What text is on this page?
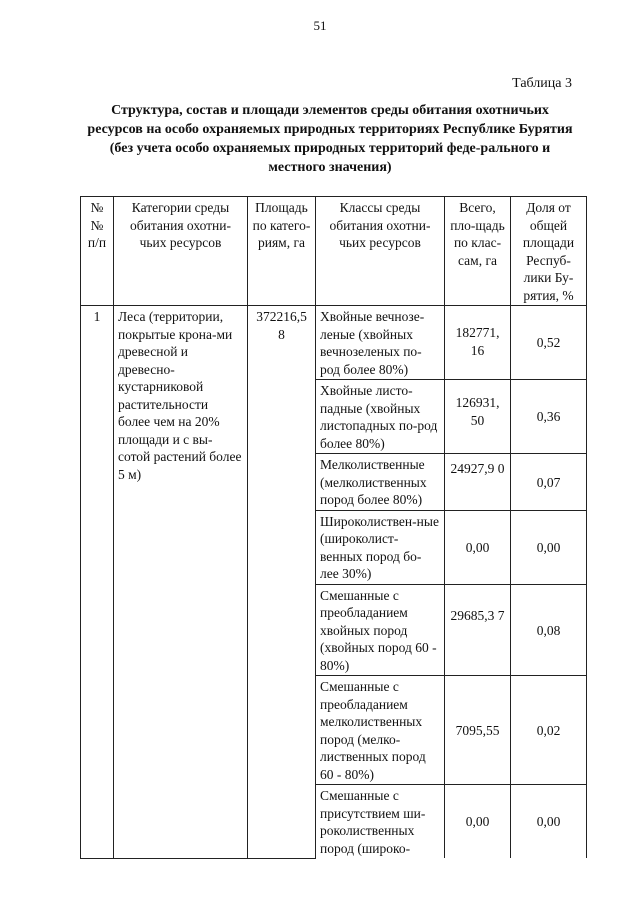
51
Таблица 3
Структура, состав и площади элементов среды обитания охотничьих ресурсов на особо охраняемых природных территориях Республике Бурятия (без учета особо охраняемых природных территорий феде-рального и местного значения)
№ № п/п	Категории среды обитания охотни-чьих ресурсов	Площадь по катего-риям, га	Классы среды обитания охотни-чьих ресурсов	Всего, пло-щадь по клас-сам, га	Доля от общей площади Респуб-лики Бу-рятия, %
1	Леса (территории, покрытые крона-ми древесной и древесно-кустарниковой растительности более чем на 20% площади и с вы-сотой растений более 5 м)	372216,5 8	Хвойные вечнозе-леные (хвойных вечнозеленых по-род более 80%)	182771, 16	0,52
			Хвойные листо-падные (хвойных листопадных по-род более 80%)	126931, 50	0,36
			Мелколиственные (мелколиственных пород более 80%)	24927,9 0	0,07
			Широколиствен-ные (широколист-венных пород бо-лее 30%)	0,00	0,00
			Смешанные с преобладанием хвойных пород (хвойных пород 60 - 80%)	29685,3 7	0,08
			Смешанные с преобладанием мелколиственных пород (мелко-лиственных пород 60 - 80%)	7095,55	0,02
			Смешанные с присутствием ши-роколиственных пород (широко-	0,00	0,00
